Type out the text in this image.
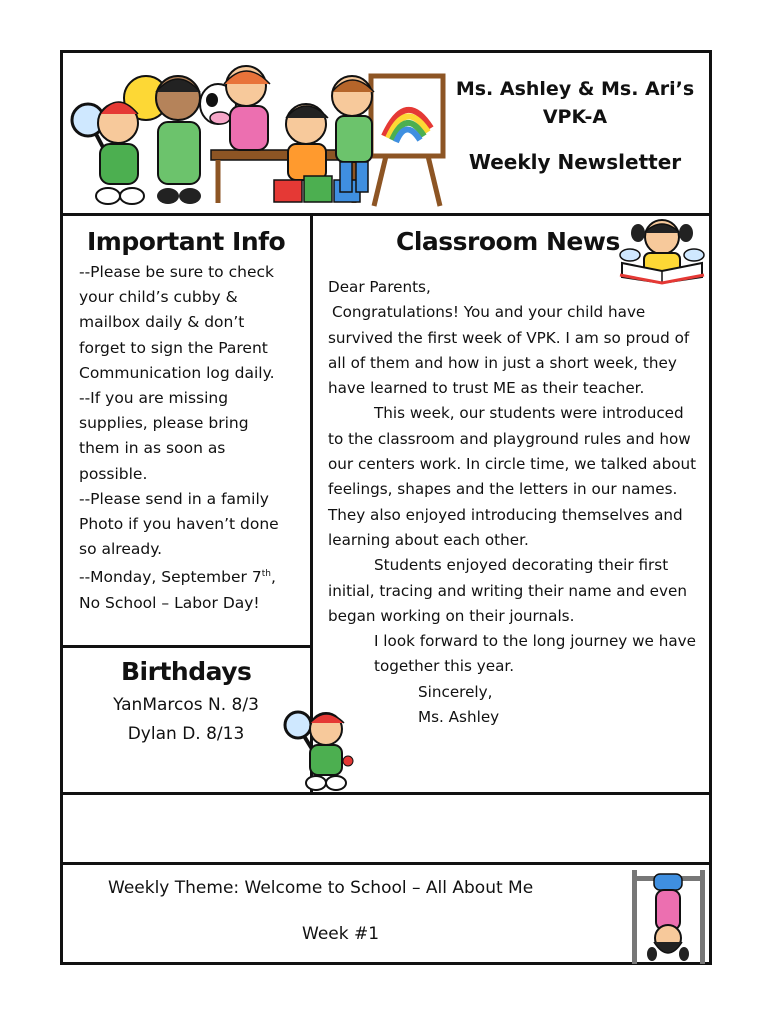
Ms. Ashley & Ms. Ari’s
VPK-A
Weekly Newsletter
Important Info
--Please be sure to check
your child’s cubby &
mailbox daily & don’t
forget to sign the Parent
Communication log daily.
--If you are missing
supplies, please bring
them in as soon as
possible.
--Please send in a family
Photo if you haven’t done
so already.
--Monday, September 7th,
No School – Labor Day!
Birthdays
YanMarcos N. 8/3
Dylan D. 8/13
Classroom News

Dear Parents,

Congratulations! You and your child have survived the first week of VPK. I am so proud of all of them and how in just a short week, they have learned to trust ME as their teacher.

This week, our students were introduced to the classroom and playground rules and how our centers work. In circle time, we talked about feelings, shapes and the letters in our names. They also enjoyed introducing themselves and learning about each other.

Students enjoyed decorating their first initial, tracing and writing their name and even began working on their journals.

I look forward to the long journey we have together this year.

Sincerely,

Ms. Ashley

Weekly Theme: Welcome to School – All About Me
Week #1
